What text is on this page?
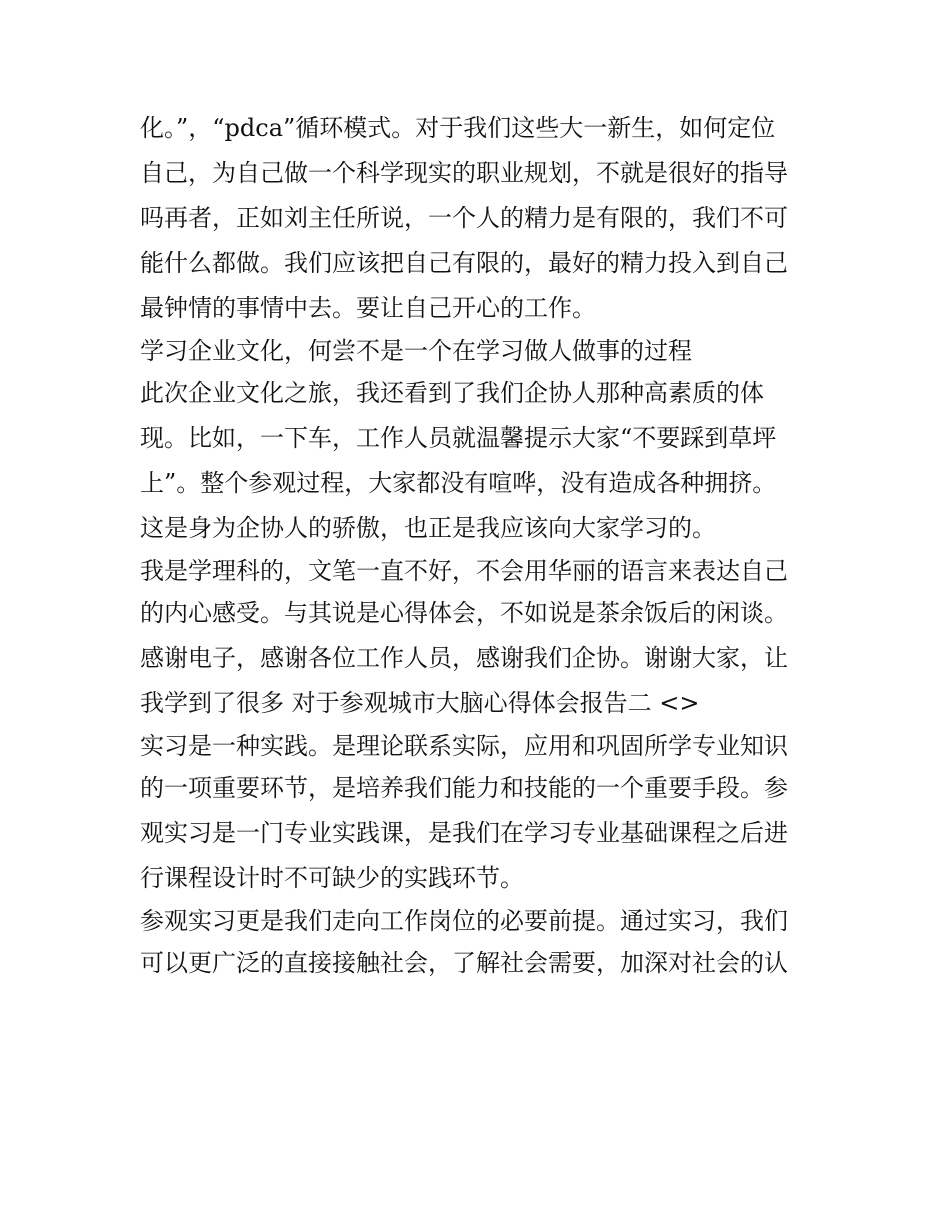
化。”，“pdca”循环模式。对于我们这些大一新生，如何定位
自己，为自己做一个科学现实的职业规划，不就是很好的指导
吗再者，正如刘主任所说，一个人的精力是有限的，我们不可
能什么都做。我们应该把自己有限的，最好的精力投入到自己
最钟情的事情中去。要让自己开心的工作。
学习企业文化，何尝不是一个在学习做人做事的过程
此次企业文化之旅，我还看到了我们企协人那种高素质的体
现。比如，一下车，工作人员就温馨提示大家“不要踩到草坪
上”。整个参观过程，大家都没有喧哗，没有造成各种拥挤。
这是身为企协人的骄傲，也正是我应该向大家学习的。
我是学理科的，文笔一直不好，不会用华丽的语言来表达自己
的内心感受。与其说是心得体会，不如说是茶余饭后的闲谈。
感谢电子，感谢各位工作人员，感谢我们企协。谢谢大家，让
我学到了很多 对于参观城市大脑心得体会报告二 <>
实习是一种实践。是理论联系实际，应用和巩固所学专业知识
的一项重要环节，是培养我们能力和技能的一个重要手段。参
观实习是一门专业实践课，是我们在学习专业基础课程之后进
行课程设计时不可缺少的实践环节。
参观实习更是我们走向工作岗位的必要前提。通过实习，我们
可以更广泛的直接接触社会，了解社会需要，加深对社会的认
